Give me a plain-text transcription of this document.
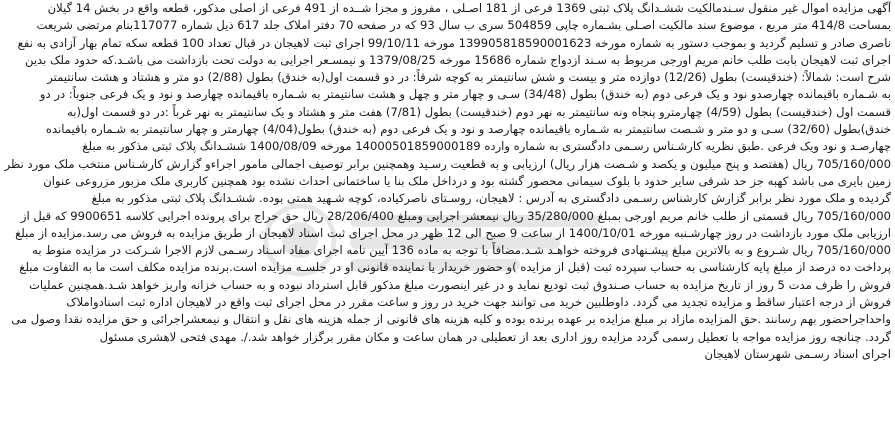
آگهی مزایده اموال غیر منقول سـندمالکیت ششـدانگ پلاک ثبتی 1369 فرعی از 181 اصـلی ، مفروز و مجزا شــده از 491 فرعی از اصلی مذکور، قطعه واقع در بخش 14 گیلان
بمساحت 414/8 متر مربع ، موضوع سند مالکیت اصـلی بشـماره چاپی 504859 سری ب سال 93 که در صفحه 70 دفتر املاک جلد 617 ذیل شماره 117077بنام مرتضی شریعت
ناصری صادر و تسلیم گردید و بموجب دستور به شماره مورخه 139905818590001623 مورخه 99/10/11 اجرای ثبت لاهیجان در قبال تعداد 100 قطعه سکه تمام بهار آزادی به نفع
اجرای ثبت لاهیجان بابت طلب خانم مریم اورجی مربوط به سـند ازدواج شماره 15686 مورخه 1379/08/25 و نیمسـعر اجرایی به دولت تحت بازداشت می باشـد.که حدود ملک بدین
شرح است: شمالاً: (خندقیست) بطول (12/26) دوازده متر و بیست و شش سانتیمتر به کوچه شرقاً: در دو قسمت اول(به خندق) بطول (2/88) دو متر و هشتاد و هشت سانتیمتر
به شـماره باقیمانده چهارصدو نود و یک فرعی دوم (به خندق) بطول (34/48) سـی و چهار متر و چهل و هشت سانتیمتر به شـماره باقیمانده چهارصد و نود و یک فرعی جنوباً: در دو
قسمت اول (خندقیست) بطول (4/59) چهارمترو پنجاه ونه سانتیمتر به نهر دوم (خندقیست) بطول (7/81) هفت متر و هشتاد و یک سانتیمتر به نهر غرباً :در دو قسمت اول(به
خندق)بطول (32/60) سـی و دو متر و شـصت سانتیمتر به شـماره باقیمانده چهارصد و نود و یک فرعی دوم (به خندق) بطول(4/04) چهارمتر و چهار سانتیمتر به شـماره باقیمانده
چهارصـد و نود ویک فرعی .طبق نظریه کارشـناس رسـمی دادگستری به شماره وارده 14000501859000189 مورخه 1400/08/09 ششـدانگ پلاک ثبتی مذکور به مبلغ
705/160/000 ریال (هفتصد و پنج میلیون و یکصد و شـصت هزار ریال) ارزیابی و به قطعیت رسـید وهمچنین برابر توصیف اجمالی مامور اجراءو گزارش کارشـناس منتخب ملک مورد نظر
زمین بایری می باشد کهبه جز حد شرقی سایر حدود با بلوک سیمانی محصور گشته بود و درداخل ملک بنا یا ساختمانی احداث نشده بود همچنین کاربری ملک مزبور مزروعی عنوان
گردیده و ملک مورد نظر برابر گزارش کارشناس رسـمی دادگستری به آدرس : لاهیجان، روسـتای ناصرکیاده، کوچه شـهید همتی بوده. ششـدانگ پلاک ثبتی مذکور به مبلغ
705/160/000 ریال قسمتی از طلب خانم مریم اورجی بمبلغ 35/280/000 ریال نیمعشر اجرایی ومبلغ 28/206/400 ریال حق حراج برای پرونده اجرایی کلاسه 9900651 که قبل از
ارزیابی ملک مورد بازداشت در روز چهارشـنبه مورخه 1400/10/01 از ساعت 9 صبح الی 12 ظهر در محل اجرای ثبت اسناد لاهیجان از طریق مزایده به فروش می رسد.مزایده از مبلغ
705/160/000 ریال شـروع و به بالاترین مبلغ پیشـنهادی فروخته خواهـد شـد.مضافاً با توجه به ماده 136 آیین نامه اجرای مفاد اسـناد رسـمی لازم الاجرا شـرکت در مزایده منوط به
پرداخت ده درصد از مبلغ پایه کارشناسی به حساب سپرده ثبت (قبل از مزایده )و حضور خریدار یا نماینده قانونی او در جلسـه مزایده است.برنده مزایده مکلف است ما به التفاوت مبلغ
فروش را ظرف مدت 5 روز از تاریخ مزایده به حساب صـندوق ثبت تودیع نماید و در غیر اینصورت مبلغ مذکور قابل استرداد نبوده و به حساب خزانه واریز خواهد شـد.همچنین عملیات
فروش از درجه اعتبار ساقط و مزایده تجدید می گردد. داوطلبین خرید می توانند جهت خرید در روز و ساعت مقرر در محل اجرای ثبت واقع در لاهیجان اداره ثبت اسنادواملاک
واحداجراحضور بهم رسانند .حق المزایده مازاد بر مبلغ مزایده بر عهده برنده بوده و کلیه هزینه های قانونی از جمله هزینه های نقل و انتقال و نیمعشراجرائی و حق مزایده نقدا وصول می
گردد. چنانچه روز مزایده مواجه با تعطیل رسمی گردد مزایده روز اداری بعد از تعطیلی در همان ساعت و مکان مقرر برگزار خواهد شد./. مهدی فتحی لاهشری مسئول
اجرای اسناد رسـمی شهرستان لاهیجان
